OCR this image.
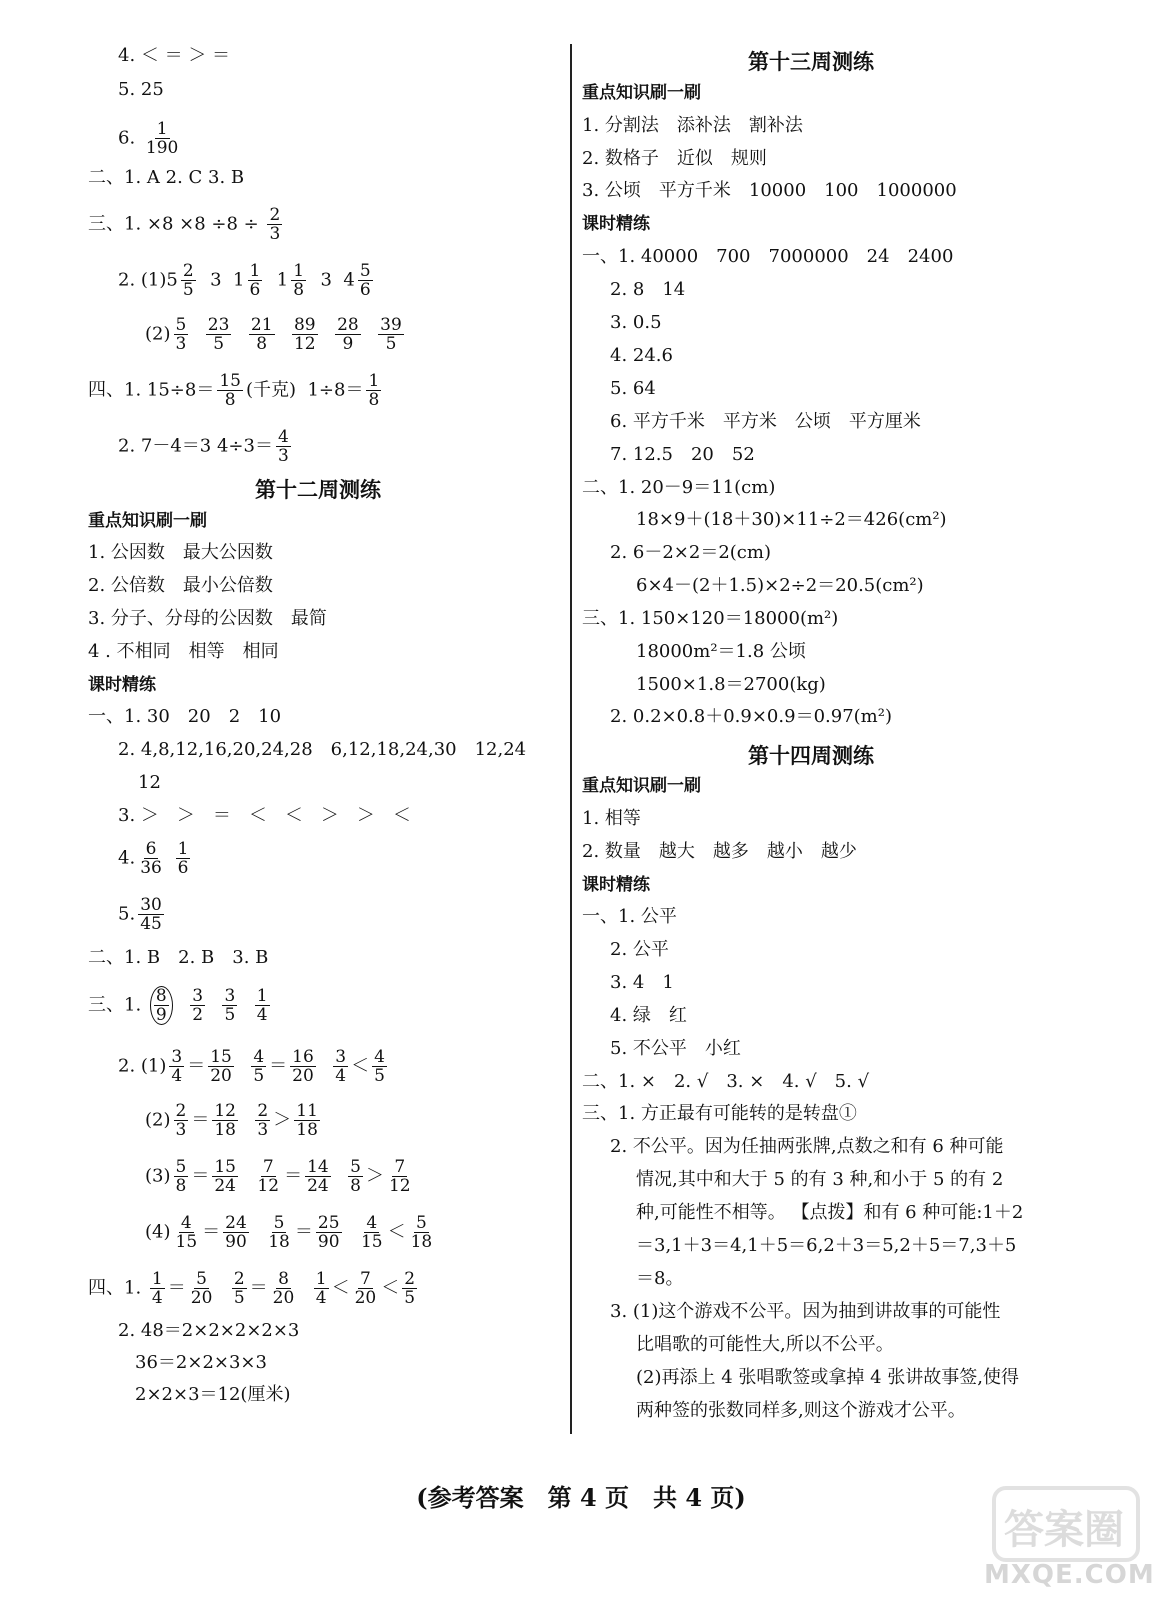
4. ＜ ＝ ＞ ＝
5. 25
6. $\frac{1}{190}$
二、1. A 2. C 3. B
三、1. $\times 8 \times 8 \div 8 \div \frac{2}{3}$
2. $(1)5 \frac{2}{5} 3$ $1 \frac{1}{6} 1 \frac{1}{8} 3$ $4 \frac{5}{6}$
$(2) \frac{5}{3}$
$\frac{23}{5}$
$\frac{21}{8}$
$\frac{89}{12}$
$\frac{28}{9}$
$\frac{39}{5}$
四、1. $15\div 8= \frac{15}{8}$ (千克) $1\div 8= \frac{1}{8}$
2. 7－4＝3 $4\div 3= \frac{4}{3}$
第十二周测练
重点知识刷一刷
1. 公因数　最大公因数
2. 公倍数　最小公倍数
3. 分子、分母的公因数　最简
4 . 不相同　相等　相同
课时精练
一、1. 30　20　2　10
2. 4,8,12,16,20,24,28　6,12,18,24,30　12,24
12
3. ＞　＞　＝　＜　＜　＞　＞　＜
4. $\frac{6}{36}$
$\frac{1}{6}$
5. $\frac{30}{45}$
二、1. B　2. B　3. B
三、1. $\frac{8}{9}$
$\frac{3}{2}$
$\frac{3}{5}$
$\frac{1}{4}$
2. $(1) \frac{3}{4} = \frac{15}{20}$
$\frac{4}{5} = \frac{16}{20}$
$\frac{3}{4} < \frac{4}{5}$
$(2) \frac{2}{3} = \frac{12}{18}$
$\frac{2}{3} > \frac{11}{18}$
$(3) \frac{5}{8} = \frac{15}{24}$
$\frac{7}{12} = \frac{14}{24}$
$\frac{5}{8} > \frac{7}{12}$
$(4) \frac{4}{15} = \frac{24}{90}$
$\frac{5}{18} = \frac{25}{90}$
$\frac{4}{15} < \frac{5}{18}$
四、1. $\frac{1}{4} = \frac{5}{20}$
$\frac{2}{5} = \frac{8}{20}$
$\frac{1}{4} < \frac{7}{20} < \frac{2}{5}$
2. 48＝2×2×2×2×3
36＝2×2×3×3
2×2×3＝12(厘米)
第十三周测练
重点知识刷一刷
1. 分割法　添补法　割补法
2. 数格子　近似　规则
3. 公顷　平方千米　10000　100　1000000
课时精练
一、1. 40000　700　7000000　24　2400
2. 8　14
3. 0.5
4. 24.6
5. 64
6. 平方千米　平方米　公顷　平方厘米
7. 12.5　20　52
二、1. 20－9＝11(cm)
18×9＋(18＋30)×11÷2＝426(cm²)
2. 6－2×2＝2(cm)
6×4－(2＋1.5)×2÷2＝20.5(cm²)
三、1. 150×120＝18000(m²)
18000m²＝1.8 公顷
1500×1.8＝2700(kg)
2. 0.2×0.8＋0.9×0.9＝0.97(m²)
第十四周测练
重点知识刷一刷
1. 相等
2. 数量　越大　越多　越小　越少
课时精练
一、1. 公平
2. 公平
3. 4　1
4. 绿　红
5. 不公平　小红
二、1. ×　2. √　3. ×　4. √　5. √
三、1. 方正最有可能转的是转盘①
2. 不公平。因为任抽两张牌,点数之和有 6 种可能
情况,其中和大于 5 的有 3 种,和小于 5 的有 2
种,可能性不相等。 【点拨】和有 6 种可能:1＋2
＝3,1＋3＝4,1＋5＝6,2＋3＝5,2＋5＝7,3＋5
＝8。
3. (1)这个游戏不公平。因为抽到讲故事的可能性
比唱歌的可能性大,所以不公平。
(2)再添上 4 张唱歌签或拿掉 4 张讲故事签,使得
两种签的张数同样多,则这个游戏才公平。
(参考答案　第 4 页　共 4 页)
答案圈
MXQE.COM
